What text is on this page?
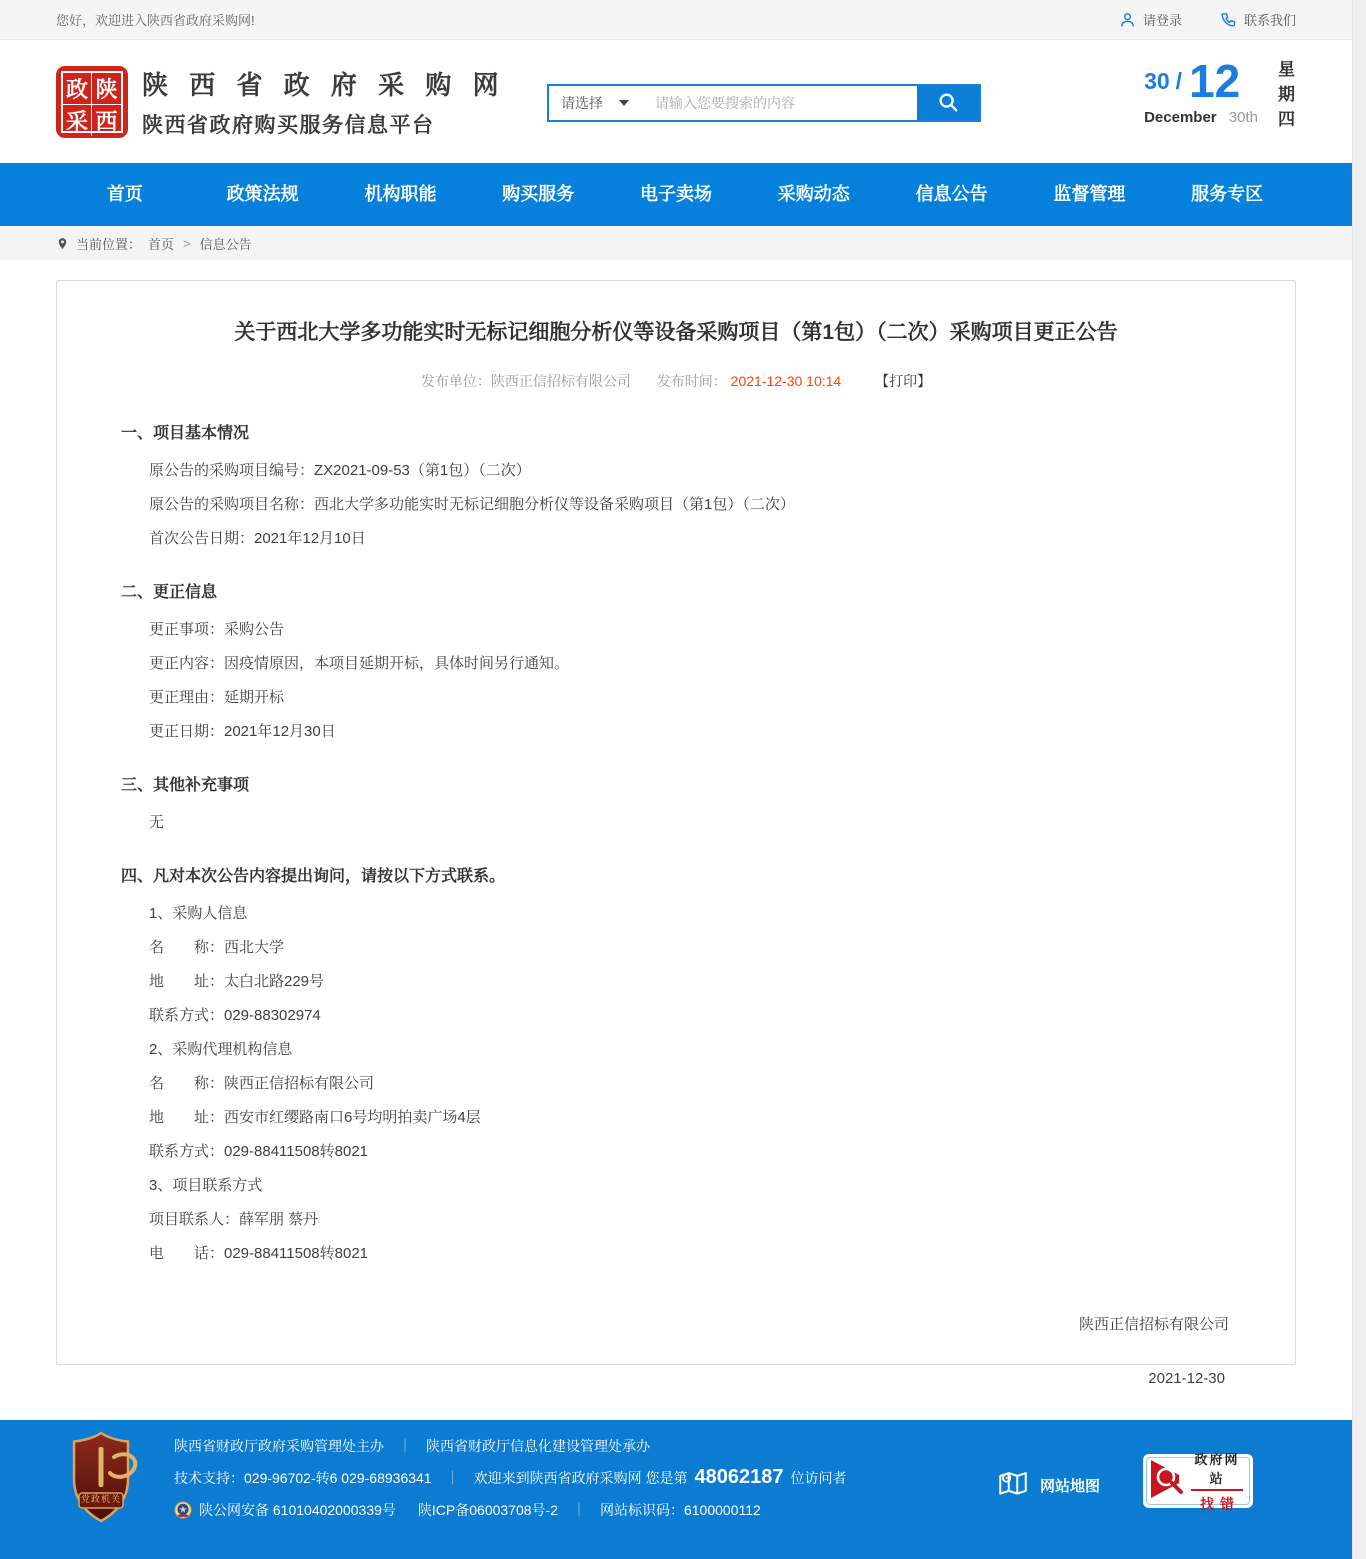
您好，欢迎进入陕西省政府采购网!	请登录	联系我们
政 陕
采 西
陕 西 省 政 府 采 购 网
陕西省政府购买服务信息平台
请选择
请输入您要搜索的内容
30 / 12
December 30th 星期四
首页	政策法规	机构职能	购买服务	电子卖场	采购动态	信息公告	监督管理	服务专区
当前位置： 首页 > 信息公告
关于西北大学多功能实时无标记细胞分析仪等设备采购项目（第1包）（二次）采购项目更正公告
发布单位：陕西正信招标有限公司 发布时间： 2021-12-30 10:14 【打印】
一、项目基本情况
原公告的采购项目编号：ZX2021-09-53（第1包）（二次）
原公告的采购项目名称：西北大学多功能实时无标记细胞分析仪等设备采购项目（第1包）（二次）
首次公告日期：2021年12月10日
二、更正信息
更正事项：采购公告
更正内容：因疫情原因，本项目延期开标，具体时间另行通知。
更正理由：延期开标
更正日期：2021年12月30日
三、其他补充事项
无
四、凡对本次公告内容提出询问，请按以下方式联系。
1、采购人信息
名　　称：西北大学
地　　址：太白北路229号
联系方式：029-88302974
2、采购代理机构信息
名　　称：陕西正信招标有限公司
地　　址：西安市红缨路南口6号均明拍卖广场4层
联系方式：029-88411508转8021
3、项目联系方式
项目联系人：薛军朋 蔡丹
电　　话：029-88411508转8021
陕西正信招标有限公司
2021-12-30
党政机关
陕西省财政厅政府采购管理处主办 ｜ 陕西省财政厅信息化建设管理处承办
技术支持：029-96702-转6 029-68936341 ｜ 欢迎来到陕西省政府采购网 您是第 48062187 位访问者
陕公网安备 61010402000339号 陕ICP备06003708号-2 ｜ 网站标识码：6100000112
网站地图
政府网站
找错
